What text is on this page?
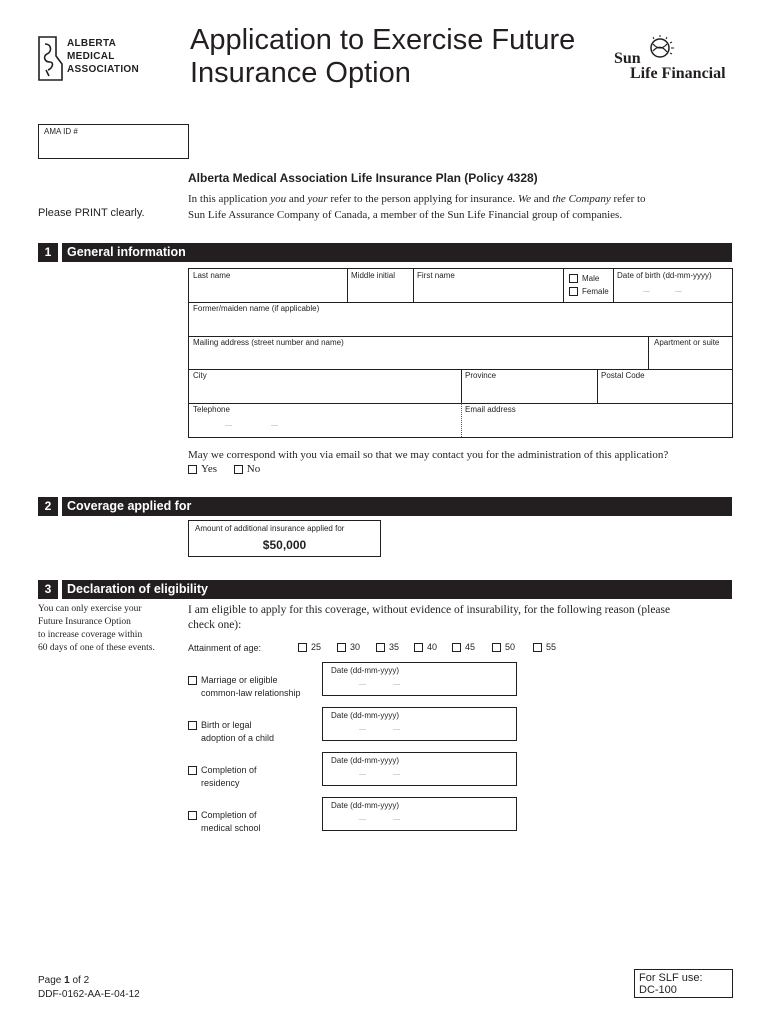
ALBERTA
MEDICAL
ASSOCIATION
Application to Exercise Future
Insurance Option	Sun
Life Financial
AMA ID #
Alberta Medical Association Life Insurance Plan (Policy 4328)
In this application you and your refer to the person applying for insurance. We and the Company refer to
Sun Life Assurance Company of Canada, a member of the Sun Life Financial group of companies.
Please PRINT clearly.
1	General information
Last name	Middle initial	First name	Male
Female
Date of birth (dd-mm-yyyy)
—	—
Former/maiden name (if applicable)
Mailing address (street number and name)	Apartment or suite
City	Province	Postal Code
Telephone
—	—
Email address
May we correspond with you via email so that we may contact you for the administration of this application?
Yes	No
2	Coverage applied for
Amount of additional insurance applied for
$50,000
3	Declaration of eligibility
You can only exercise your
Future Insurance Option
to increase coverage within
60 days of one of these events.
I am eligible to apply for this coverage, without evidence of insurability, for the following reason (please
check one):
Attainment of age:	25	30	35	40	45	50	55
Marriage or eligible
common-law relationship
Date (dd-mm-yyyy)
—	—
Birth or legal
adoption of a child
Date (dd-mm-yyyy)
—	—
Completion of
residency
Date (dd-mm-yyyy)
—	—
Completion of
medical school
Date (dd-mm-yyyy)
—	—
Page 1 of 2
DDF-0162-AA-E-04-12
For SLF use:
DC-100
